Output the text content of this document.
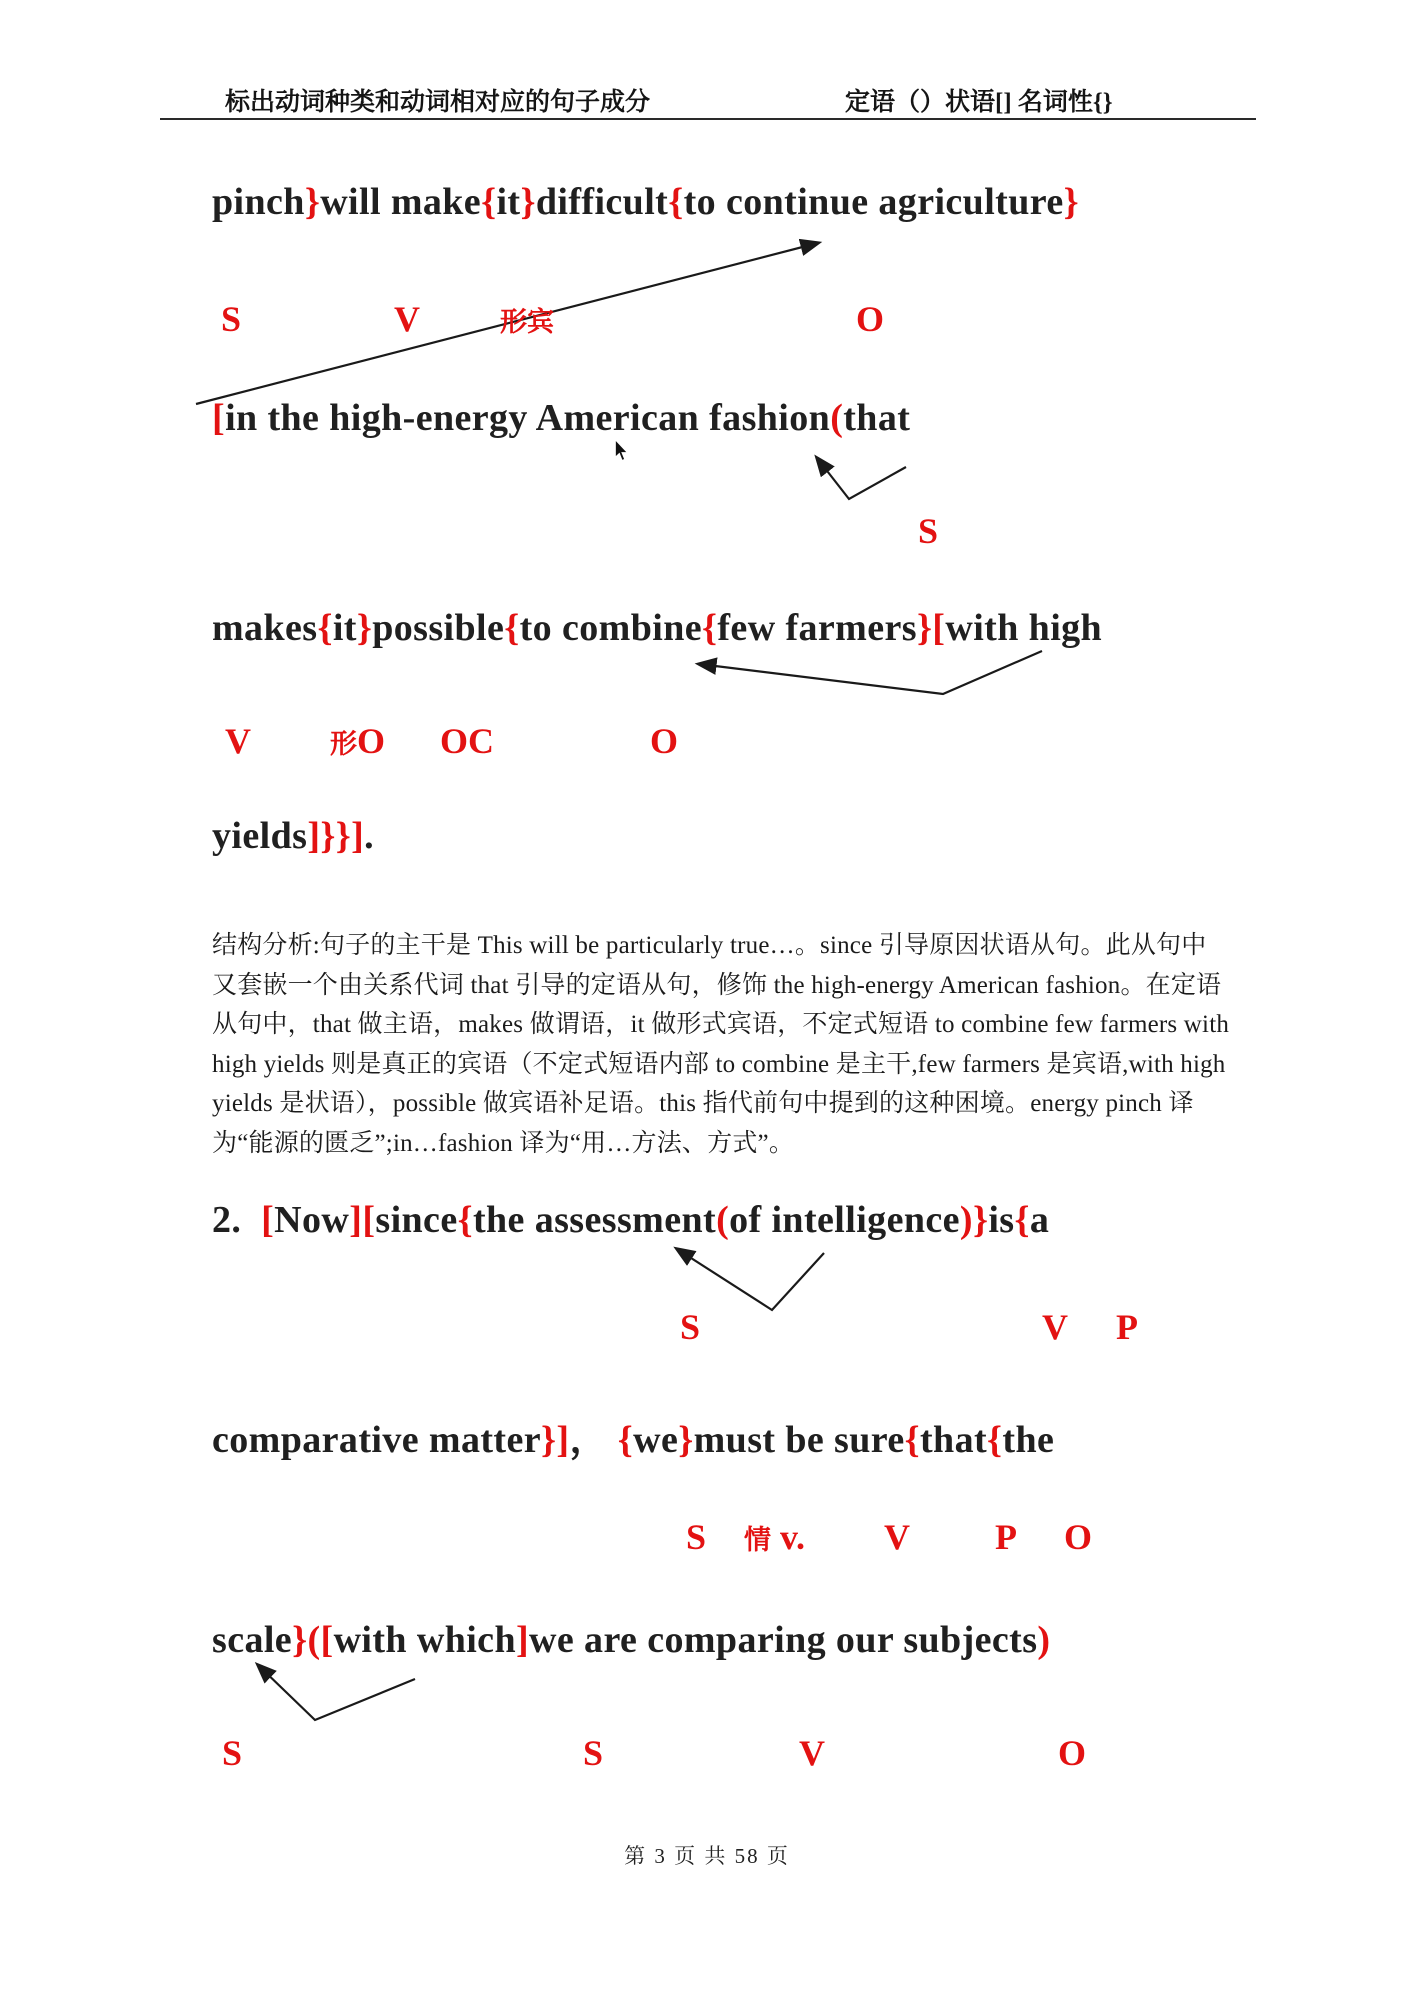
标出动词种类和动词相对应的句子成分	定语（）状语[] 名词性{}
结构分析:句子的主干是 This will be particularly true…。since 引导原因状语从句。此从句中
又套嵌一个由关系代词 that 引导的定语从句，修饰 the high-energy American fashion。在定语
从句中，that 做主语，makes 做谓语，it 做形式宾语，不定式短语 to combine few farmers with
high yields 则是真正的宾语（不定式短语内部 to combine 是主干,few farmers 是宾语,with high
yields 是状语），possible 做宾语补足语。this 指代前句中提到的这种困境。energy pinch 译
为“能源的匮乏”;in…fashion 译为“用…方法、方式”。
第 3 页 共 58 页
pinch}will make{it}difficult{to continue agriculture}
[in the high-energy American fashion(that
makes{it}possible{to combine{few farmers}[with high
yields]}}].
2.  [Now][since{the assessment(of intelligence)}is{a
comparative matter}]， {we}must be sure{that{the
scale}([with which]we are comparing our subjects)
S	V	形宾	O
S
V	形O OC	O
S	V P
S 情 v. V P O
S	S	V	O
